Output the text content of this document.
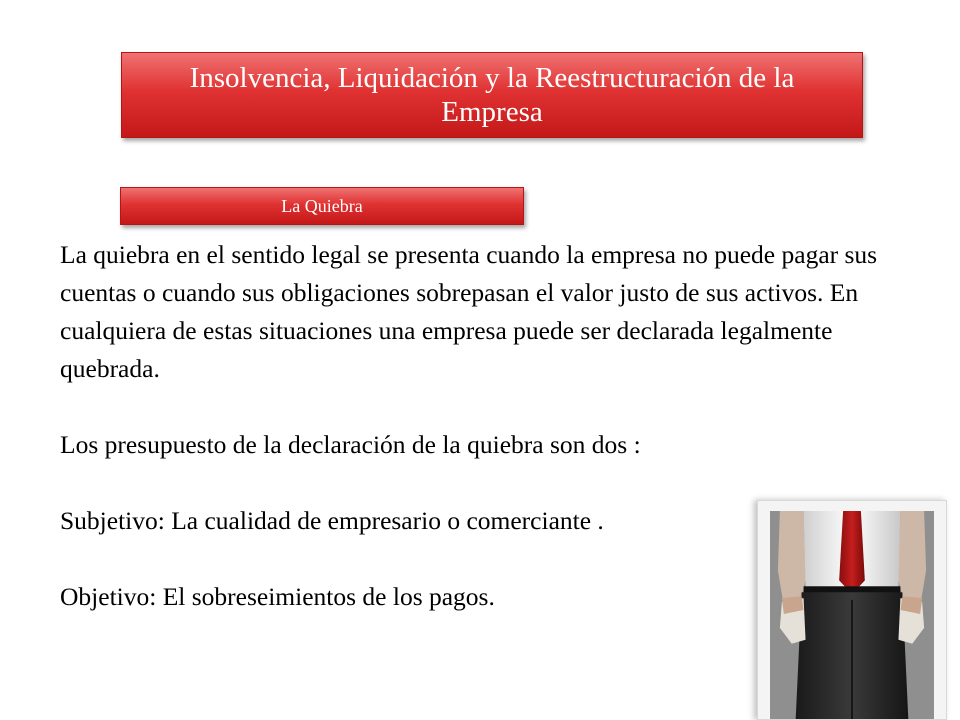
Insolvencia, Liquidación y la Reestructuración de la Empresa
La Quiebra

La quiebra en el sentido legal se presenta cuando la empresa no puede pagar sus cuentas o cuando sus obligaciones sobrepasan el valor justo de sus activos. En cualquiera de estas situaciones una empresa puede ser declarada legalmente quebrada.

Los presupuesto de la declaración de la quiebra son dos :

Subjetivo: La cualidad de empresario o comerciante .

Objetivo: El sobreseimientos de los pagos.
